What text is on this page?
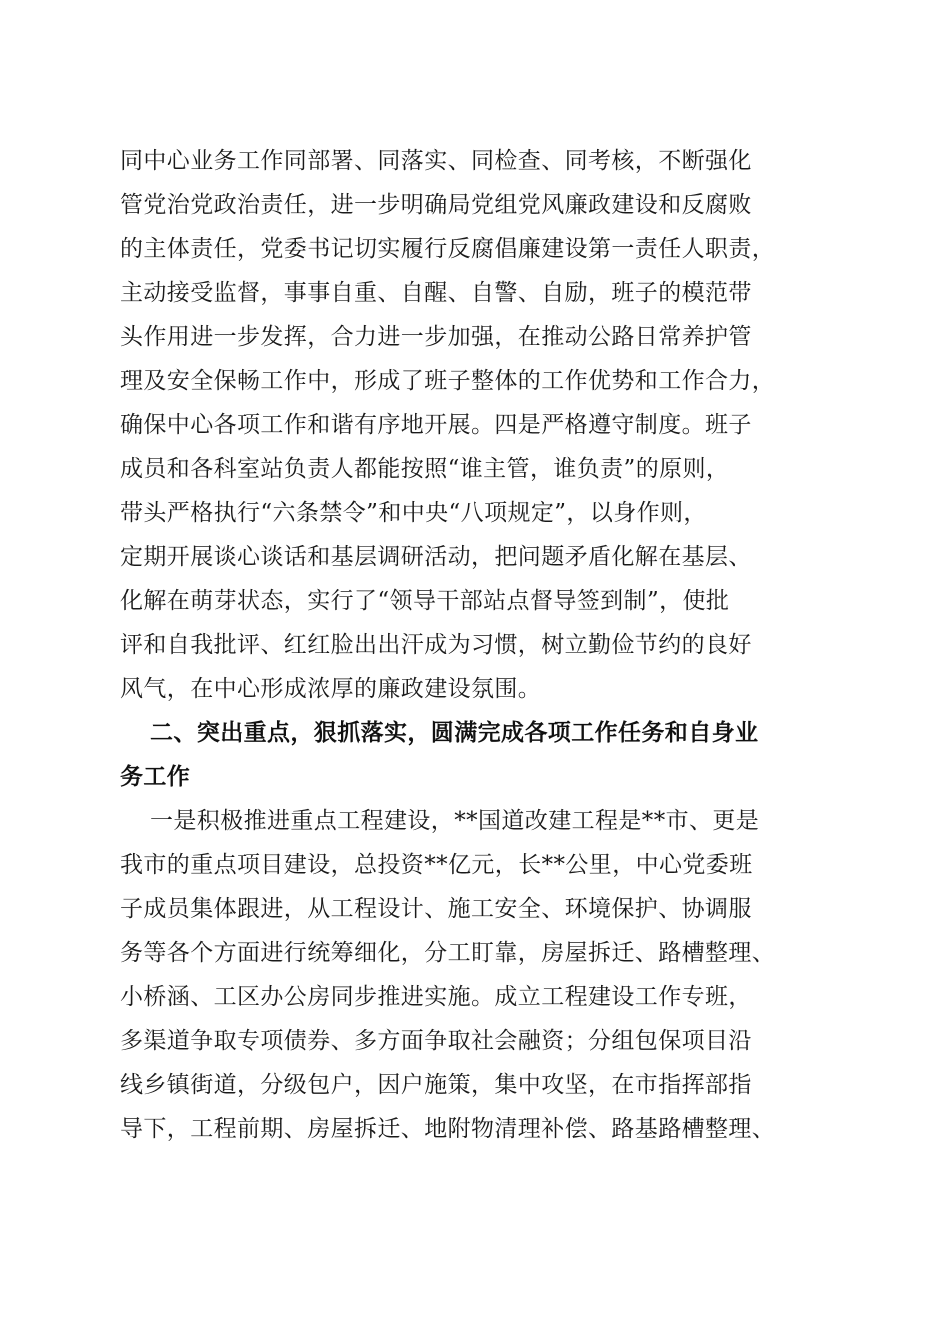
同中心业务工作同部署、同落实、同检查、同考核，不断强化
管党治党政治责任，进一步明确局党组党风廉政建设和反腐败
的主体责任，党委书记切实履行反腐倡廉建设第一责任人职责，
主动接受监督，事事自重、自醒、自警、自励，班子的模范带
头作用进一步发挥，合力进一步加强，在推动公路日常养护管
理及安全保畅工作中，形成了班子整体的工作优势和工作合力，
确保中心各项工作和谐有序地开展。四是严格遵守制度。班子
成员和各科室站负责人都能按照“谁主管，谁负责”的原则，
带头严格执行“六条禁令”和中央“八项规定”，以身作则，
定期开展谈心谈话和基层调研活动，把问题矛盾化解在基层、
化解在萌芽状态，实行了“领导干部站点督导签到制”，使批
评和自我批评、红红脸出出汗成为习惯，树立勤俭节约的良好
风气，在中心形成浓厚的廉政建设氛围。
二、突出重点，狠抓落实，圆满完成各项工作任务和自身业
务工作
一是积极推进重点工程建设，**国道改建工程是**市、更是
我市的重点项目建设，总投资**亿元，长**公里，中心党委班
子成员集体跟进，从工程设计、施工安全、环境保护、协调服
务等各个方面进行统筹细化，分工盯靠，房屋拆迁、路槽整理、
小桥涵、工区办公房同步推进实施。成立工程建设工作专班，
多渠道争取专项债券、多方面争取社会融资；分组包保项目沿
线乡镇街道，分级包户，因户施策，集中攻坚，在市指挥部指
导下，工程前期、房屋拆迁、地附物清理补偿、路基路槽整理、
